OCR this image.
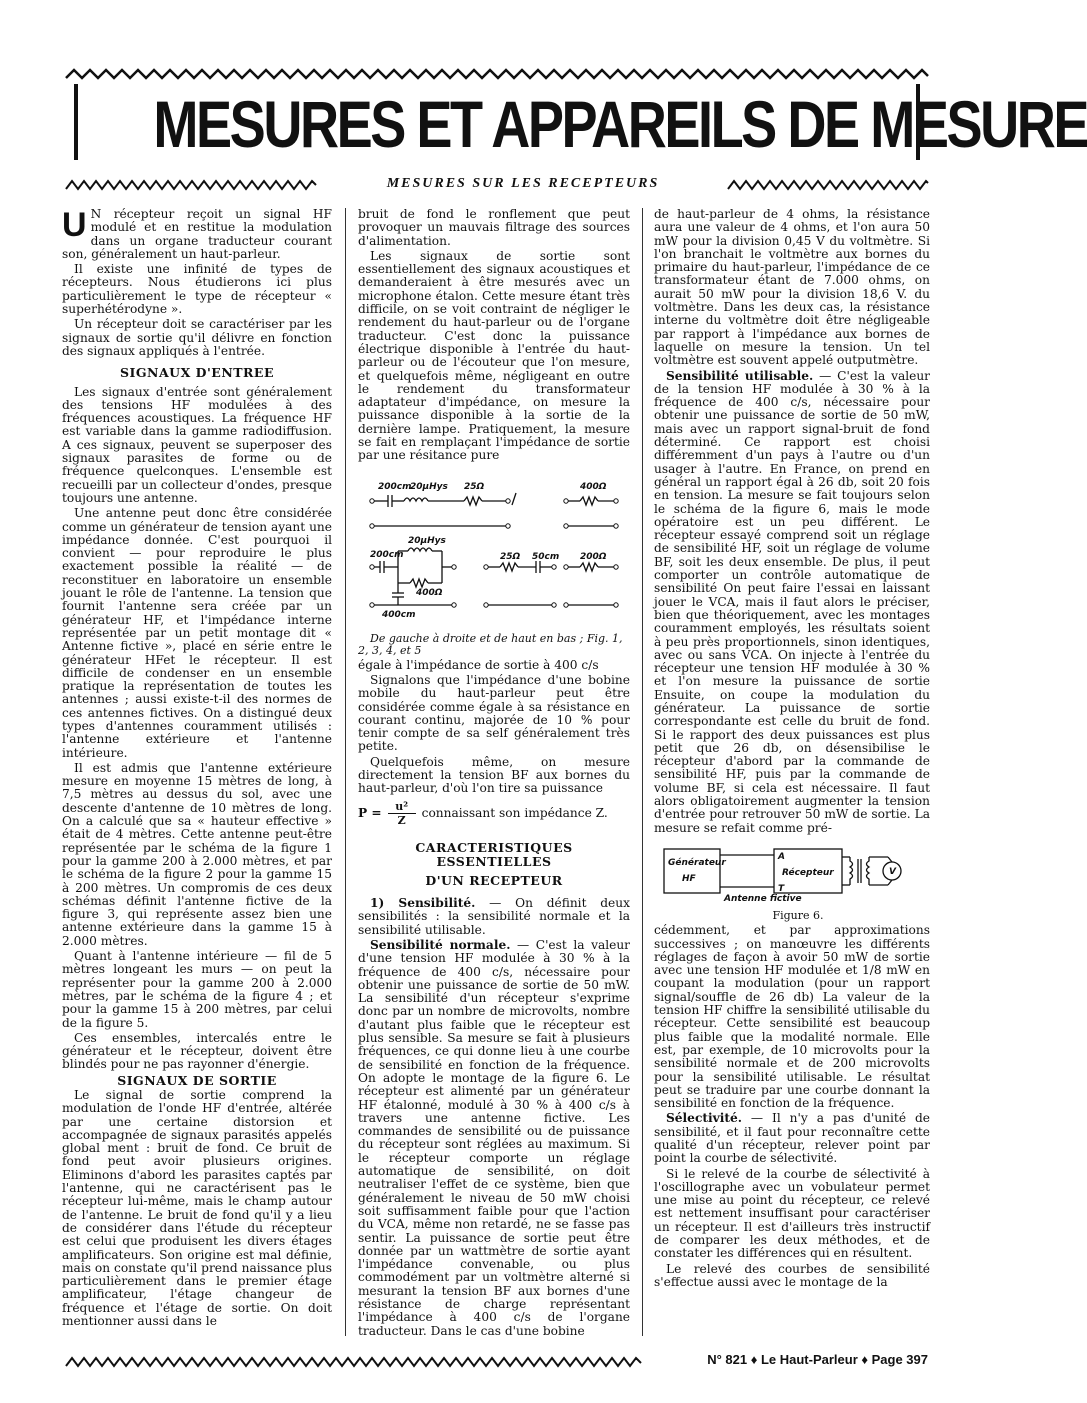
MESURES ET APPAREILS DE MESURE
MESURES SUR LES RECEPTEURS

U N récepteur reçoit un signal HF modulé et en restitue la modulation dans un organe traducteur courant son, généralement un haut-parleur.

Il existe une infinité de types de récepteurs. Nous étudierons ici plus particulièrement le type de récepteur « superhétérodyne ».

Un récepteur doit se caractériser par les signaux de sortie qu'il délivre en fonction des signaux appliqués à l'entrée.

SIGNAUX D'ENTREE

Les signaux d'entrée sont généralement des tensions HF modulées à des fréquences acoustiques. La fréquence HF est variable dans la gamme radiodiffusion. A ces signaux, peuvent se superposer des signaux parasites de forme ou de fréquence quelconques. L'ensemble est recueilli par un collecteur d'ondes, presque toujours une antenne.

Une antenne peut donc être considérée comme un générateur de tension ayant une impédance donnée. C'est pourquoi il convient — pour reproduire le plus exactement possible la réalité — de reconstituer en laboratoire un ensemble jouant le rôle de l'antenne. La tension que fournit l'antenne sera créée par un générateur HF, et l'impédance interne représentée par un petit montage dit « Antenne fictive », placé en série entre le générateur HFet le récepteur. Il est difficile de condenser en un ensemble pratique la représentation de toutes les antennes ; aussi existe-t-il des normes de ces antennes fictives. On a distingué deux types d'antennes couramment utilisés : l'antenne extérieure et l'antenne intérieure.

Il est admis que l'antenne extérieure mesure en moyenne 15 mètres de long, à 7,5 mètres au dessus du sol, avec une descente d'antenne de 10 mètres de long. On a calculé que sa « hauteur effective » était de 4 mètres. Cette antenne peut-être représentée par le schéma de la figure 1 pour la gamme 200 à 2.000 mètres, et par le schéma de la figure 2 pour la gamme 15 à 200 mètres. Un compromis de ces deux schémas définit l'antenne fictive de la figure 3, qui représente assez bien une antenne extérieure dans la gamme 15 à 2.000 mètres.

Quant à l'antenne intérieure — fil de 5 mètres longeant les murs — on peut la représenter pour la gamme 200 à 2.000 mètres, par le schéma de la figure 4 ; et pour la gamme 15 à 200 mètres, par celui de la figure 5.

Ces ensembles, intercalés entre le générateur et le récepteur, doivent être blindés pour ne pas rayonner d'énergie.

SIGNAUX DE SORTIE

Le signal de sortie comprend la modulation de l'onde HF d'entrée, altérée par une certaine distorsion et accompagnée de signaux parasités appelés global ment : bruit de fond. Ce bruit de fond peut avoir plusieurs origines. Eliminons d'abord les parasites captés par l'antenne, qui ne caractérisent pas le récepteur lui-même, mais le champ autour de l'antenne. Le bruit de fond qu'il y a lieu de considérer dans l'étude du récepteur est celui que produisent les divers étages amplificateurs. Son origine est mal définie, mais on constate qu'il prend naissance plus particulièrement dans le premier étage amplificateur, l'étage changeur de fréquence et l'étage de sortie. On doit mentionner aussi dans le

bruit de fond le ronflement que peut provoquer un mauvais filtrage des sources d'alimentation.

Les signaux de sortie sont essentiellement des signaux acoustiques et demanderaient à être mesurés avec un microphone étalon. Cette mesure étant très difficile, on se voit contraint de négliger le rendement du haut-parleur ou de l'organe traducteur. C'est donc la puissance électrique disponible à l'entrée du haut-parleur ou de l'écouteur que l'on mesure, et quelquefois même, négligeant en outre le rendement du transformateur adaptateur d'impédance, on mesure la puissance disponible à la sortie de la dernière lampe. Pratiquement, la mesure se fait en remplaçant l'impédance de sortie par une résitance pure

200cm
20μHys 25Ω	400Ω
20μHys
200cm
400Ω
400cm
25Ω 50cm 200Ω

De gauche à droite et de haut en bas ; Fig. 1, 2, 3, 4, et 5

égale à l'impédance de sortie à 400 c/s

Signalons que l'impédance d'une bobine mobile du haut-parleur peut être considérée comme égale à sa résistance en courant continu, majorée de 10 % pour tenir compte de sa self généralement très petite.

Quelquefois même, on mesure directement la tension BF aux bornes du haut-parleur, d'où l'on tire sa puissance

P = u²
Z
connaissant son impédance Z.
CARACTERISTIQUES ESSENTIELLES
D'UN RECEPTEUR

1) Sensibilité. — On définit deux sensibilités : la sensibilité normale et la sensibilité utilisable.

Sensibilité normale. — C'est la valeur d'une tension HF modulée à 30 % à la fréquence de 400 c/s, nécessaire pour obtenir une puissance de sortie de 50 mW. La sensibilité d'un récepteur s'exprime donc par un nombre de microvolts, nombre d'autant plus faible que le récepteur est plus sensible. Sa mesure se fait à plusieurs fréquences, ce qui donne lieu à une courbe de sensibilité en fonction de la fréquence. On adopte le montage de la figure 6. Le récepteur est alimenté par un générateur HF étalonné, modulé à 30 % à 400 c/s à travers une antenne fictive. Les commandes de sensibilité ou de puissance du récepteur sont réglées au maximum. Si le récepteur comporte un réglage automatique de sensibilité, on doit neutraliser l'effet de ce système, bien que généralement le niveau de 50 mW choisi soit suffisamment faible pour que l'action du VCA, même non retardé, ne se fasse pas sentir. La puissance de sortie peut être donnée par un wattmètre de sortie ayant l'impédance convenable, ou plus commodément par un voltmètre alterné si mesurant la tension BF aux bornes d'une résistance de charge représentant l'impédance à 400 c/s de l'organe traducteur. Dans le cas d'une bobine

de haut-parleur de 4 ohms, la résistance aura une valeur de 4 ohms, et l'on aura 50 mW pour la division 0,45 V du voltmètre. Si l'on branchait le voltmètre aux bornes du primaire du haut-parleur, l'impédance de ce transformateur étant de 7.000 ohms, on aurait 50 mW pour la division 18,6 V. du voltmètre. Dans les deux cas, la résistance interne du voltmètre doit être négligeable par rapport à l'impédance aux bornes de laquelle on mesure la tension. Un tel voltmètre est souvent appelé outputmètre.

Sensibilité utilisable. — C'est la valeur de la tension HF modulée à 30 % à la fréquence de 400 c/s, nécessaire pour obtenir une puissance de sortie de 50 mW, mais avec un rapport signal-bruit de fond déterminé. Ce rapport est choisi différemment d'un pays à l'autre ou d'un usager à l'autre. En France, on prend en général un rapport égal à 26 db, soit 20 fois en tension. La mesure se fait toujours selon le schéma de la figure 6, mais le mode opératoire est un peu différent. Le récepteur essayé comprend soit un réglage de sensibilité HF, soit un réglage de volume BF, soit les deux ensemble. De plus, il peut comporter un contrôle automatique de sensibilité On peut faire l'essai en laissant jouer le VCA, mais il faut alors le préciser, bien que théoriquement, avec les montages couramment employés, les résultats soient à peu près proportionnels, sinon identiques, avec ou sans VCA. On injecte à l'entrée du récepteur une tension HF modulée à 30 % et l'on mesure la puissance de sortie Ensuite, on coupe la modulation du générateur. La puissance de sortie correspondante est celle du bruit de fond. Si le rapport des deux puissances est plus petit que 26 db, on désensibilise le récepteur d'abord par la commande de sensibilité HF, puis par la commande de volume BF, si cela est nécessaire. Il faut alors obligatoirement augmenter la tension d'entrée pour retrouver 50 mW de sortie. La mesure se refait comme pré-

Générateur
HF
Récepteur
Antenne fictive
A
T
V

Figure 6.

cédemment, et par approximations successives ; on manœuvre les différents réglages de façon à avoir 50 mW de sortie avec une tension HF modulée et 1/8 mW en coupant la modulation (pour un rapport signal/souffle de 26 db) La valeur de la tension HF chiffre la sensibilité utilisable du récepteur. Cette sensibilité est beaucoup plus faible que la modalité normale. Elle est, par exemple, de 10 microvolts pour la sensibilité normale et de 200 microvolts pour la sensibilité utilisable. Le résultat peut se traduire par une courbe donnant la sensibilité en fonction de la fréquence.

Sélectivité. — Il n'y a pas d'unité de sensibilité, et il faut pour reconnaître cette qualité d'un récepteur, relever point par point la courbe de sélectivité.

Si le relevé de la courbe de sélectivité à l'oscillographe avec un vobulateur permet une mise au point du récepteur, ce relevé est nettement insuffisant pour caractériser un récepteur. Il est d'ailleurs très instructif de comparer les deux méthodes, et de constater les différences qui en résultent.

Le relevé des courbes de sensibilité s'effectue aussi avec le montage de la

N° 821 ♦ Le Haut-Parleur ♦ Page 397
